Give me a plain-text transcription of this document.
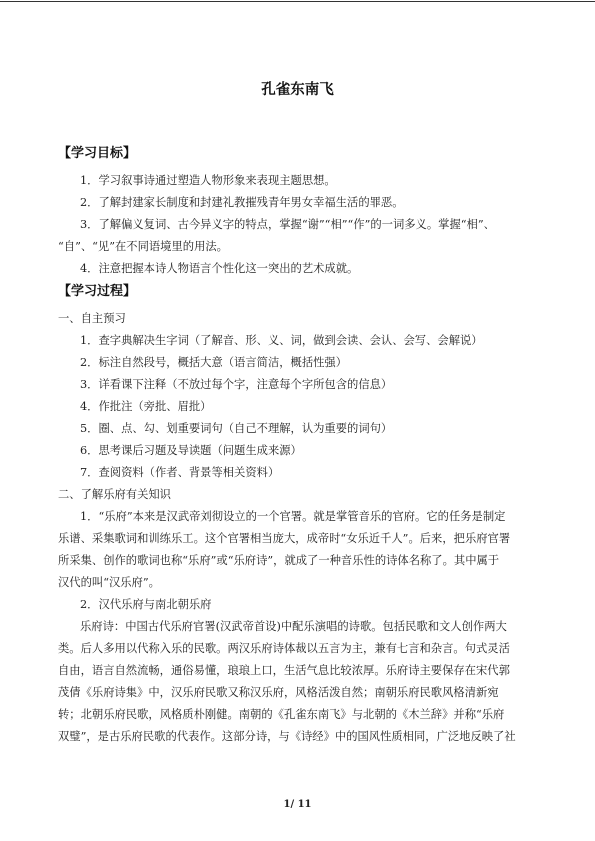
孔雀东南飞

【学习目标】

1．学习叙事诗通过塑造人物形象来表现主题思想。

2．了解封建家长制度和封建礼教摧残青年男女幸福生活的罪恶。

3．了解偏义复词、古今异义字的特点，掌握“谢”“相”“作”的一词多义。掌握“相”、

“自”、“见”在不同语境里的用法。

4．注意把握本诗人物语言个性化这一突出的艺术成就。

【学习过程】

一、自主预习

1．查字典解决生字词（了解音、形、义、词，做到会读、会认、会写、会解说）

2．标注自然段号，概括大意（语言简洁，概括性强）

3．详看课下注释（不放过每个字，注意每个字所包含的信息）

4．作批注（旁批、眉批）

5．圈、点、勾、划重要词句（自己不理解，认为重要的词句）

6．思考课后习题及导读题（问题生成来源）

7．查阅资料（作者、背景等相关资料）

二、了解乐府有关知识

1．“乐府”本来是汉武帝刘彻设立的一个官署。就是掌管音乐的官府。它的任务是制定

乐谱、采集歌词和训练乐工。这个官署相当庞大，成帝时“女乐近千人”。后来，把乐府官署

所采集、创作的歌词也称“乐府”或“乐府诗”，就成了一种音乐性的诗体名称了。其中属于

汉代的叫“汉乐府”。

2．汉代乐府与南北朝乐府

乐府诗：中国古代乐府官署(汉武帝首设)中配乐演唱的诗歌。包括民歌和文人创作两大

类。后人多用以代称入乐的民歌。两汉乐府诗体裁以五言为主，兼有七言和杂言。句式灵活

自由，语言自然流畅，通俗易懂，琅琅上口，生活气息比较浓厚。乐府诗主要保存在宋代郭

茂倩《乐府诗集》中，汉乐府民歌又称汉乐府，风格活泼自然；南朝乐府民歌风格清新宛

转；北朝乐府民歌，风格质朴刚健。南朝的《孔雀东南飞》与北朝的《木兰辞》并称“乐府

双璧”，是古乐府民歌的代表作。这部分诗，与《诗经》中的国风性质相同，广泛地反映了社

1/ 11
